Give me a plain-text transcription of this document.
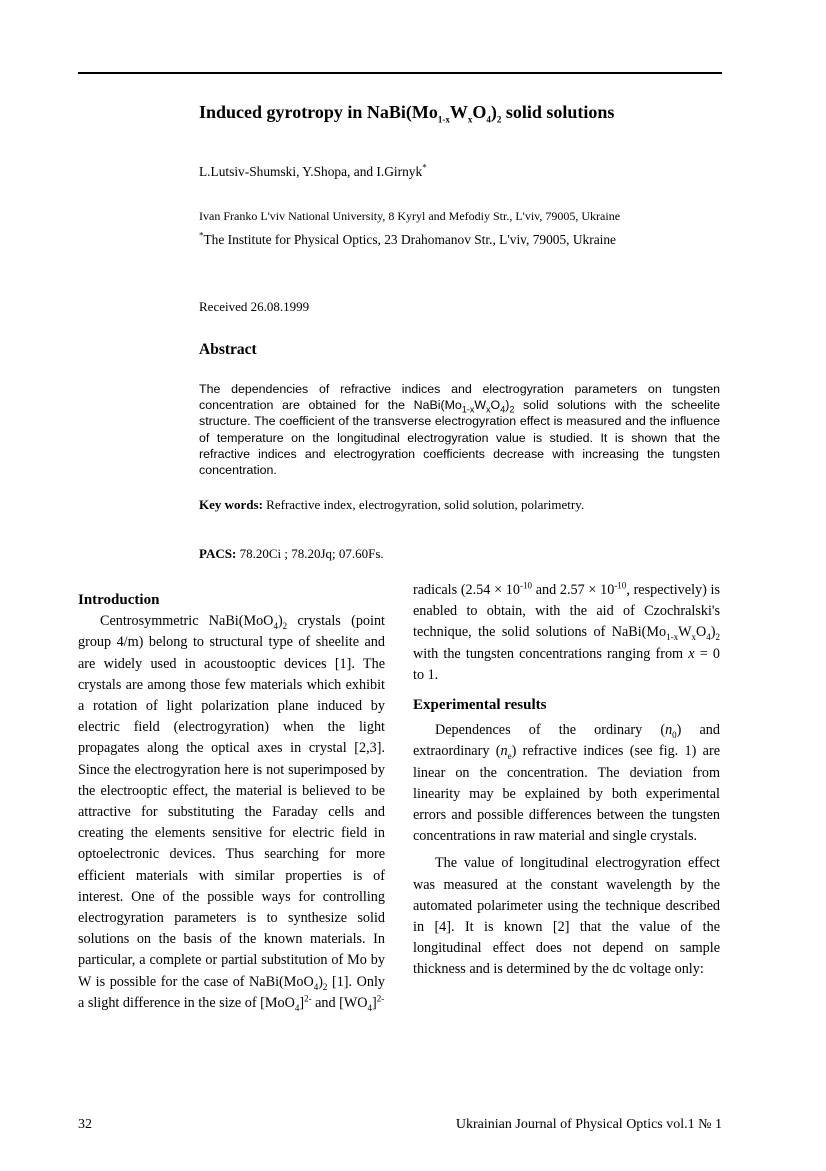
Induced gyrotropy in $NaBi(Mo_{1-x}W_xO_4)_2$ solid solutions
L.Lutsiv-Shumski, Y.Shopa, and I.Girnyk*
Ivan Franko L'viv National University, 8 Kyryl and Mefodiy Str., L'viv, 79005, Ukraine
*The Institute for Physical Optics, 23 Drahomanov Str., L'viv, 79005, Ukraine
Received 26.08.1999
Abstract
The dependencies of refractive indices and electrogyration parameters on tungsten concentration are obtained for the $NaBi(Mo_{1-x}W_xO_4)_2$ solid solutions with the scheelite structure. The coefficient of the transverse electrogyration effect is measured and the influence of temperature on the longitudinal electrogyration value is studied. It is shown that the refractive indices and electrogyration coefficients decrease with increasing the tungsten concentration.
Key words: Refractive index, electrogyration, solid solution, polarimetry.
PACS: 78.20Ci ; 78.20Jq; 07.60Fs.
Introduction

Centrosymmetric $NaBi(MoO_4)_2$ crystals (point group 4/m) belong to structural type of sheelite and are widely used in acoustooptic devices [1]. The crystals are among those few materials which exhibit a rotation of light polarization plane induced by electric field (electrogyration) when the light propagates along the optical axes in crystal [2,3]. Since the electrogyration here is not superimposed by the electrooptic effect, the material is believed to be attractive for substituting the Faraday cells and creating the elements sensitive for electric field in optoelectronic devices. Thus searching for more efficient materials with similar properties is of interest. One of the possible ways for controlling electrogyration parameters is to synthesize solid solutions on the basis of the known materials. In particular, a complete or partial substitution of Mo by W is possible for the case of $NaBi(MoO_4)_2$ [1]. Only a slight difference in the size of $[MoO_4]^{2-}$ and $[WO_4]^{2-}$

radicals ($2.54 \times 10^{-10}$ and $2.57 \times 10^{-10}$, respectively) is enabled to obtain, with the aid of Czochralski's technique, the solid solutions of $NaBi(Mo_{1-x}W_xO_4)_2$ with the tungsten concentrations ranging from x = 0 to 1.

Experimental results

Dependences of the ordinary $(n_0)$ and extraordinary $(n_e)$ refractive indices (see fig. 1) are linear on the concentration. The deviation from linearity may be explained by both experimental errors and possible differences between the tungsten concentrations in raw material and single crystals.

The value of longitudinal electrogyration effect was measured at the constant wavelength by the automated polarimeter using the technique described in [4]. It is known [2] that the value of the longitudinal effect does not depend on sample thickness and is determined by the dc voltage only:

32	Ukrainian Journal of Physical Optics vol.1 № 1
